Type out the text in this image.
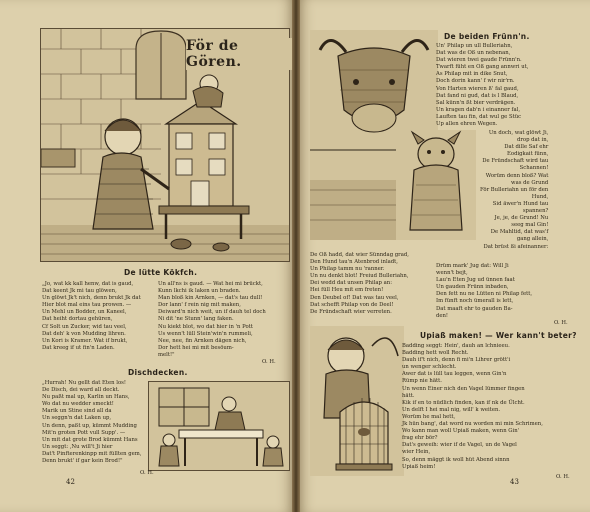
För de Gören.
De lütte Kökfch.
„Jo, wat kk kall henw, dat is gaud,
Dat keent Jk mi tau glöwen,
Un glöwt Jk't nich, denn brukt Jk dat
Hier blot mal eins tau prowen. —
Un Mehl un Bodder, un Kaneel,
Dat heiht dortau gehüren,
Cf Solt un Zucker, wid tau veel,
Dat deh' k von Mudding lihren.
Un Kori is Kramer. Wat if brukt,
Dat kreeg if ut fin'n Laden.
Un all'ns is gaud. — Wat hei mi brückt,
Kunn lkchi ik laken un braden.
Man bloß kin Arnken, — dat's tau dull!
Dor lann' f rein nig mit maken,
Deiward'n nich weit, un if dauh tel doch
Ni dit 'ne Stunn' lang faken.
Nu kiekt blot, wo dat hier in 'n Pott
Us wenn't lüll Stein'win'n rummeli,
Nee, nee, fin Arnken dägen nich,
Dor hett hei mi mit besöum-
melt!"
O. H.
Dischdecken.
„Hurrah! Nu gellt dat Eten los!
De Disch, dei ward all deckt.
Nu paßt mal up, Karlin un Hans,
Wo dat nu wedder smeckt!
Marik un Stine sind all da
Un seggn'n dat Laken up,
Un denn, paßt up, kümmt Mudding
Mit'n groten Pott vull Supp'. —
Un mit dat grote Brod kümmt Hans
Un seggt: ,Nu will't Ji hier
Dat't Pinfterenkinpp mit füllten gem,
Denn brukt' if gar kein Brod!"
O. H.
42
De beiden Frünn'n.
Un' Philap un ull Bulleriahn,
Dat was de Oß un nebenan,
Dat wieren twei gaude Frünn'n.
Twarft füht en Oß gang annwri ut,
As Philap mit in dike Snut,
Doch dorin kann' f wir nir'rn.
Von Harten wieren ß' fal gaud,
Dat fand ni gud, dat is l Blaud,
Sal künn'n ßt bier verdrägen.
Un kragen dab'n i einanner fal,
Lauften tau fin, dat wul ge Stüc
Up allen ehren Wegen.
Un doch, wat glöwt Ji,
drop dat in,
Dat dille Saf ehr
Eodigkait fünn,
De Fründschaft wird tau
Schannen!
Worüm denn bloß? Wat
was de Grund
För Bulleriahn un för den
Hund,
Sid äwer'n Hund tau
spannen?
Je, je, de Grund! Nu
seeg mal Gin!
De Mahltid, dat was'f
gang allein,
Dat brüst ßi afeinanner:
De Oß hadd, dat wier Sünndag grad,
Den Hund tau'n Atenbrod inladt,
Un Philap tamm nu 'ranner.
Un nu denkt blot! Freiud Bulleriahn,
Dei wedd dat unsen Philap an:
Hei füll Heu mit em freten!
Den Deubel of! Dat was tau veel,
Dat schefft Philap von de Deel!
De Fründschaft wier verreten.
Drüm mark' Jug dat: Will Ji
wenn't bejt,
Lau'n Eten Jug ud ünnen faat
Un gauden Frünn inbaden,
Den fett nu ne Lütten ni Philap fett,
Im fünft noch ümerall is lett,
Dat maaft ehr to gauden Ba-
den!
O. H.
Upiaß maken! — Wer kann't beter?
Badding seggt: Hein', dauh an lchnieeu.
Badding hett woll Recht.
Dauh if't nich, denn fi mi'n Lihrer grött'i
un wenger schlecht.
Awer dat is lüll tau leggen, wenn Gin'n
Rümp nie hätt.
Un wenn Einer nich den Vagel lümmer fingen
hätt.
Kik if en to nüdlich finden, kan if nk de Ülcht.
Un delft I hei mal nig, will' k weiten.
Worüm he mal hett,
Jk hün bang', dat word nu worden mi min Schrimen,
Wo kann man woll Upiaß maken, wenn Gin'
frag ehr bör?
Dat's geweih: wier if de Vagel, un de Vagel
wier Hein,
So, denn mäggt ik woll hüt Abend sinnn
Upiaß heim!
O. H.
43
